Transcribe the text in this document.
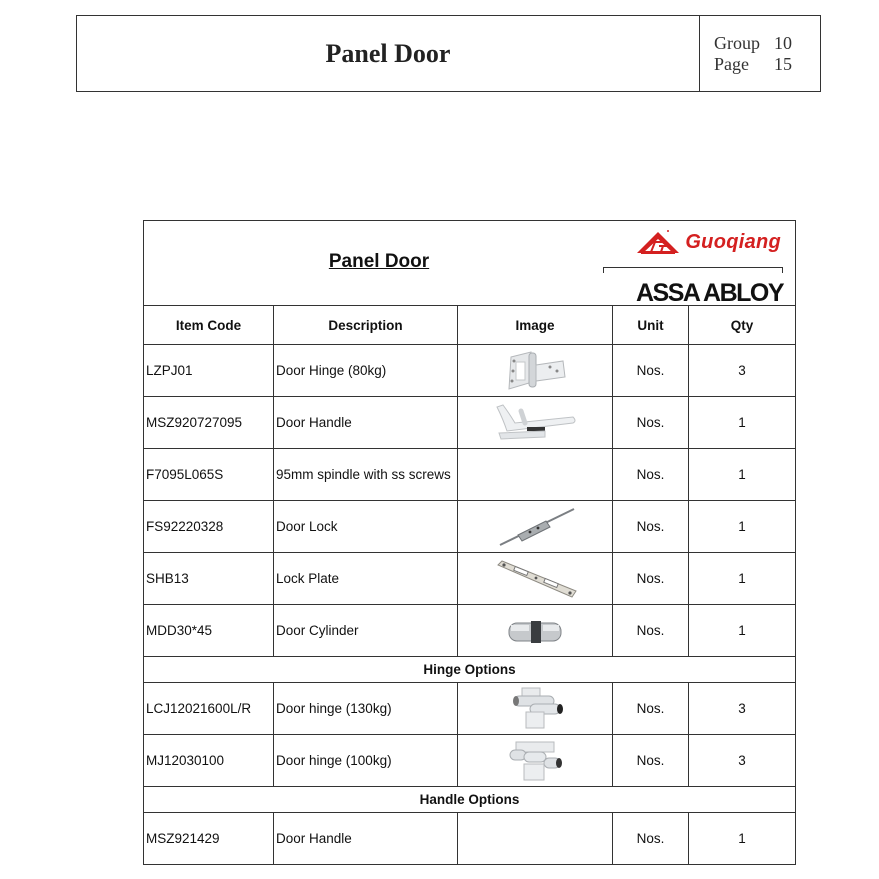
Panel Door	Group 10
Page	15
Panel Door
Guoqiang
ASSA ABLOY				

Item Code	Description	Image	Unit	Qty
LZPJ01	Door Hinge (80kg)		Nos.	3
MSZ920727095	Door Handle		Nos.	1
F7095L065S	95mm spindle with ss screws		Nos.	1
FS92220328	Door Lock		Nos.	1
SHB13	Lock Plate		Nos.	1
MDD30*45	Door Cylinder		Nos.	1
Hinge Options				
LCJ12021600L/R	Door hinge (130kg)		Nos.	3
MJ12030100	Door hinge (100kg)		Nos.	3
Handle Options				
MSZ921429	Door Handle		Nos.	1
